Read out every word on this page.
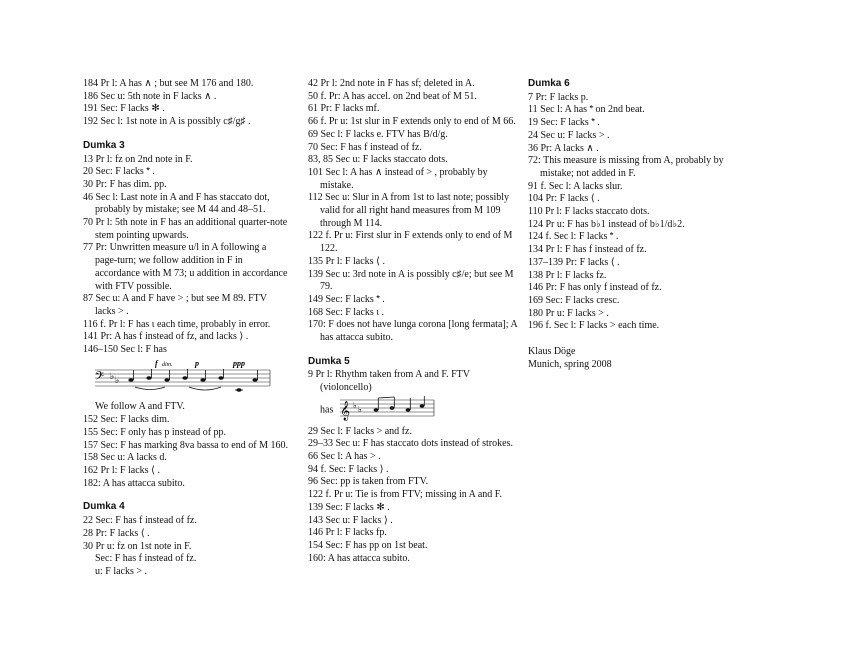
184 Pr l: A has ∧ ; but see M 176 and 180.
186 Sec u: 5th note in F lacks ∧ .
191 Sec: F lacks ✻ .
192 Sec l: 1st note in A is possibly c♯/g♯ .
Dumka 3
13 Pr l: fz on 2nd note in F.
20 Sec: F lacks 𝄌 .
30 Pr: F has dim. pp.
46 Sec l: Last note in A and F has staccato dot, probably by mistake; see M 44 and 48–51.
70 Pr l: 5th note in F has an additional quarter-note stem pointing upwards.
77 Pr: Unwritten measure u/l in A following a page-turn; we follow addition in F in accordance with M 73; u addition in accordance with FTV possible.
87 Sec u: A and F have > ; but see M 89. FTV lacks > .
116 f. Pr l: F has ι each time, probably in error.
141 Pr: A has f instead of fz, and lacks ⟩ .
146–150 Sec l: F has
𝄢 ♭ ♭
f dim.	p	ppp
We follow A and FTV.
152 Sec: F lacks dim.
155 Sec: F only has p instead of pp.
157 Sec: F has marking 8va bassa to end of M 160.
158 Sec u: A lacks d.
162 Pr l: F lacks ⟨ .
182: A has attacca subito.
Dumka 4
22 Sec: F has f instead of fz.
28 Pr: F lacks ⟨ .
30 Pr u: fz on 1st note in F.
Sec: F has f instead of fz.
u: F lacks > .
42 Pr l: 2nd note in F has sf; deleted in A.
50 f. Pr: A has accel. on 2nd beat of M 51.
61 Pr: F lacks mf.
66 f. Pr u: 1st slur in F extends only to end of M 66.
69 Sec l: F lacks e. FTV has B/d/g.
70 Sec: F has f instead of fz.
83, 85 Sec u: F lacks staccato dots.
101 Sec l: A has ∧ instead of > , probably by mistake.
112 Sec u: Slur in A from 1st to last note; possibly valid for all right hand measures from M 109 through M 114.
122 f. Pr u: First slur in F extends only to end of M 122.
135 Pr l: F lacks ⟨ .
139 Sec u: 3rd note in A is possibly c♯/e; but see M 79.
149 Sec: F lacks 𝄌 .
168 Sec: F lacks ι .
170: F does not have lunga corona [long fermata]; A has attacca subito.
Dumka 5
9 Pr l: Rhythm taken from A and F. FTV (violoncello)
has 𝄞 ♭ ♭
29 Sec l: F lacks > and fz.
29–33 Sec u: F has staccato dots instead of strokes.
66 Sec l: A has > .
94 f. Sec: F lacks ⟩ .
96 Sec: pp is taken from FTV.
122 f. Pr u: Tie is from FTV; missing in A and F.
139 Sec: F lacks ✻ .
143 Sec u: F lacks ⟩ .
146 Pr l: F lacks fp.
154 Sec: F has pp on 1st beat.
160: A has attacca subito.
Dumka 6
7 Pr: F lacks p.
11 Sec l: A has 𝄌 on 2nd beat.
19 Sec: F lacks 𝄌 .
24 Sec u: F lacks > .
36 Pr: A lacks ∧ .
72: This measure is missing from A, probably by mistake; not added in F.
91 f. Sec l: A lacks slur.
104 Pr: F lacks ⟨ .
110 Pr l: F lacks staccato dots.
124 Pr u: F has b♭1 instead of b♭1/d♭2.
124 f. Sec l: F lacks 𝄌 .
134 Pr l: F has f instead of fz.
137–139 Pr: F lacks ⟨ .
138 Pr l: F lacks fz.
146 Pr: F has only f instead of fz.
169 Sec: F lacks cresc.
180 Pr u: F lacks > .
196 f. Sec l: F lacks > each time.
Klaus Döge
Munich, spring 2008
